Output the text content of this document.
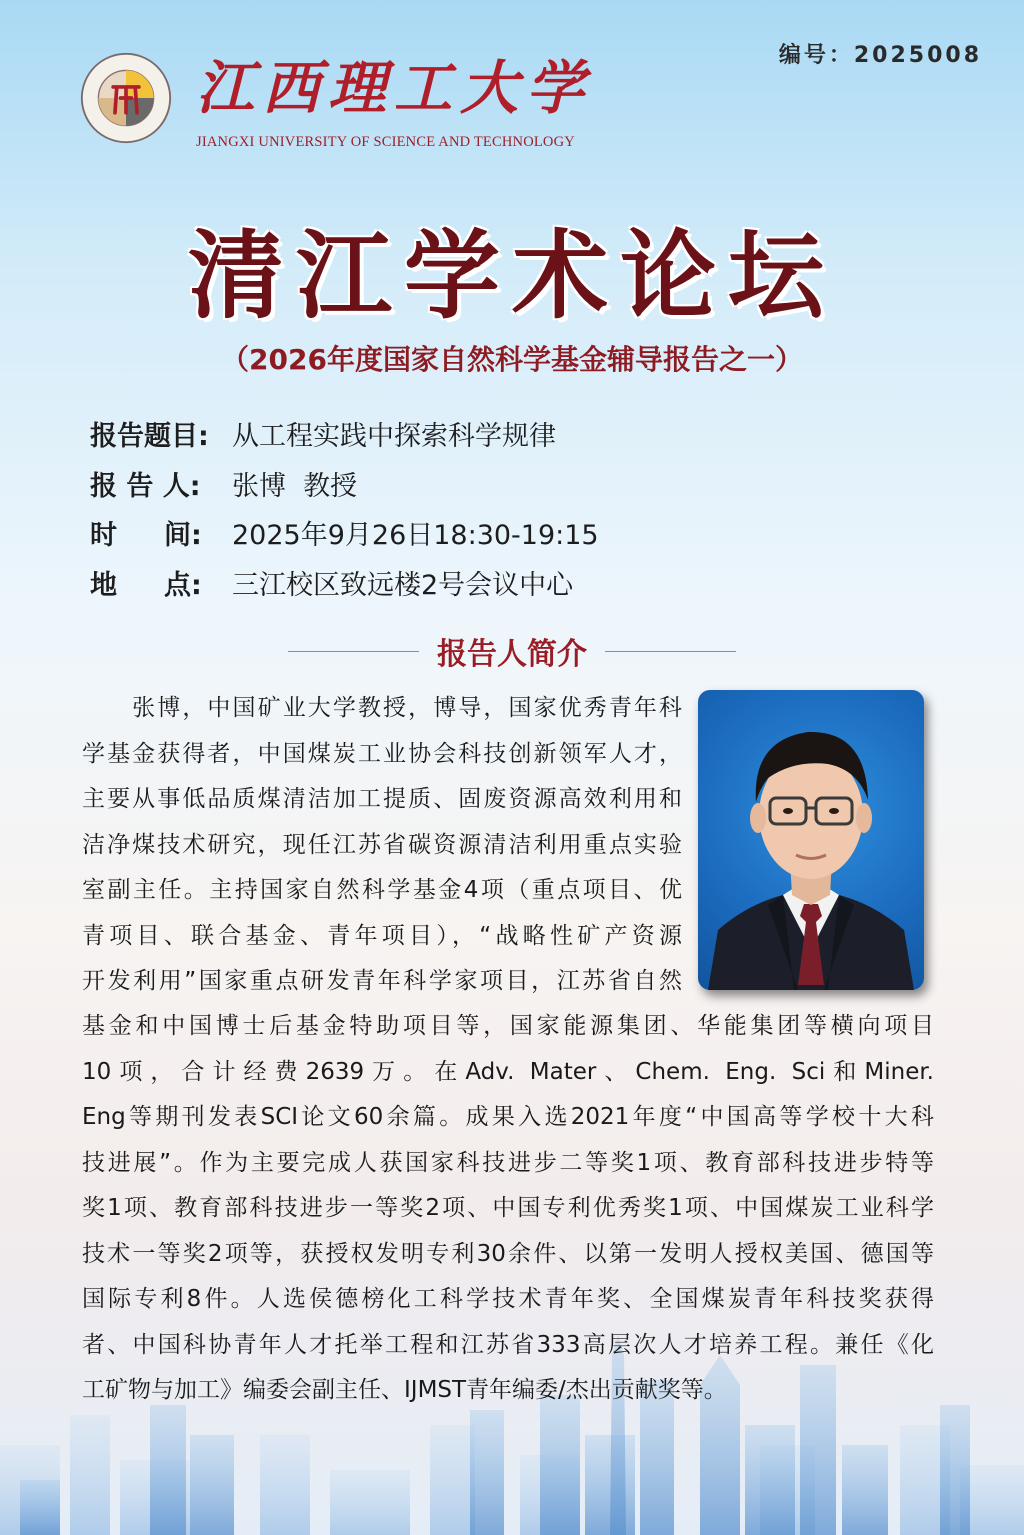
编号：2025008
江西理工大学
JIANGXI UNIVERSITY OF SCIENCE AND TECHNOLOGY
清江学术论坛
（2026年度国家自然科学基金辅导报告之一）
报告题目: 从工程实践中探索科学规律
报 告 人:	张博  教授
时     间:	2025年9月26日18:30-19:15
地     点:	三江校区致远楼2号会议中心
报告人简介
　　张博，中国矿业大学教授，博导，国家优秀青年科
学基金获得者，中国煤炭工业协会科技创新领军人才，
主要从事低品质煤清洁加工提质、固废资源高效利用和
洁净煤技术研究，现任江苏省碳资源清洁利用重点实验
室副主任。主持国家自然科学基金4项（重点项目、优
青项目、联合基金、青年项目），“战略性矿产资源
开发利用”国家重点研发青年科学家项目，江苏省自然
基金和中国博士后基金特助项目等，国家能源集团、华能集团等横向项目
10项，合计经费2639万。在Adv. Mater、Chem. Eng. Sci和Miner.
Eng等期刊发表SCI论文60余篇。成果入选2021年度“中国高等学校十大科
技进展”。作为主要完成人获国家科技进步二等奖1项、教育部科技进步特等
奖1项、教育部科技进步一等奖2项、中国专利优秀奖1项、中国煤炭工业科学
技术一等奖2项等，获授权发明专利30余件、以第一发明人授权美国、德国等
国际专利8件。人选侯德榜化工科学技术青年奖、全国煤炭青年科技奖获得
者、中国科协青年人才托举工程和江苏省333高层次人才培养工程。兼任《化
工矿物与加工》编委会副主任、IJMST青年编委/杰出贡献奖等。
